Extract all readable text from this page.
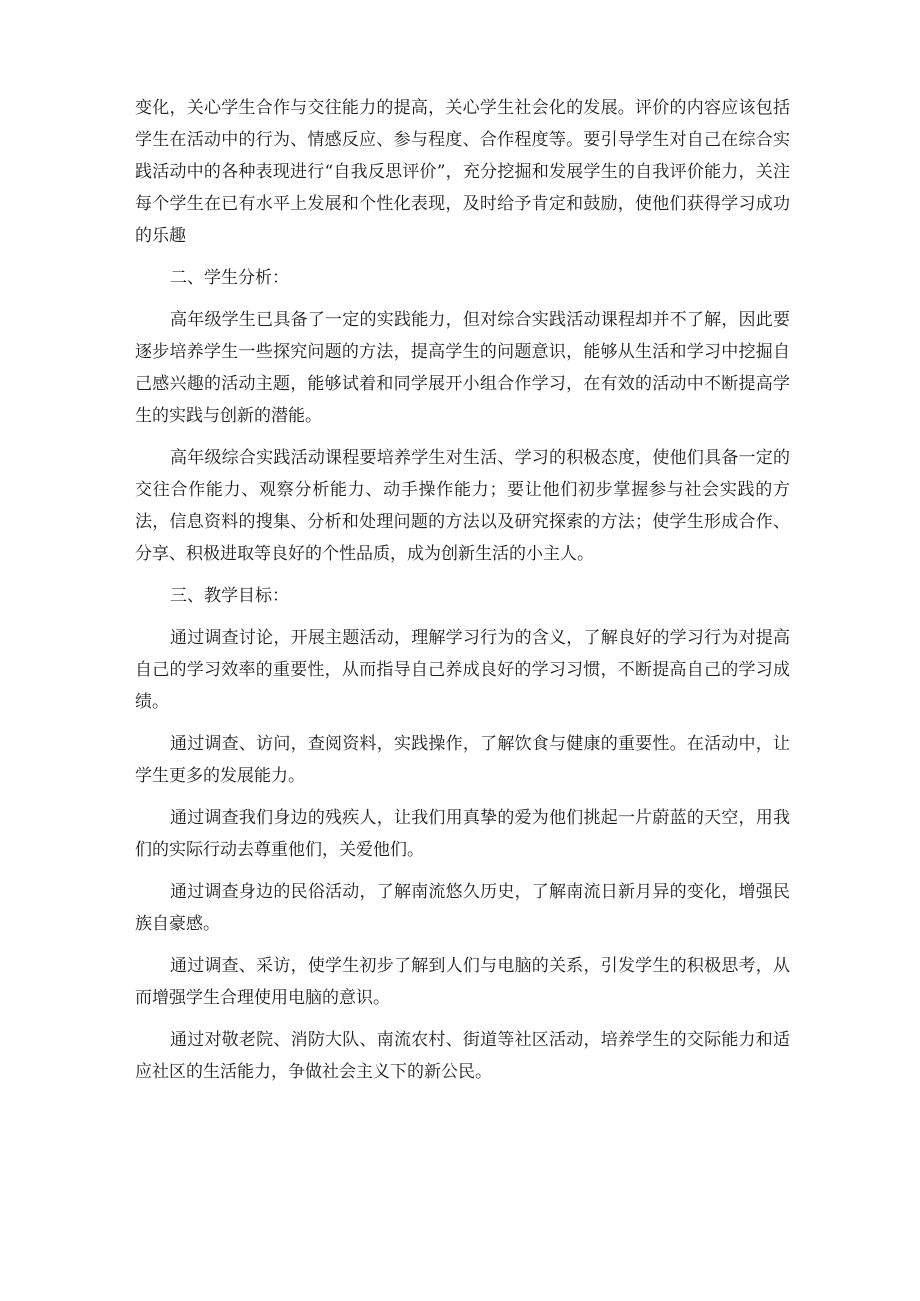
变化，关心学生合作与交往能力的提高，关心学生社会化的发展。评价的内容应该包括学生在活动中的行为、情感反应、参与程度、合作程度等。要引导学生对自己在综合实践活动中的各种表现进行“自我反思评价”，充分挖掘和发展学生的自我评价能力，关注每个学生在已有水平上发展和个性化表现，及时给予肯定和鼓励，使他们获得学习成功的乐趣

二、学生分析：

高年级学生已具备了一定的实践能力，但对综合实践活动课程却并不了解，因此要逐步培养学生一些探究问题的方法，提高学生的问题意识，能够从生活和学习中挖掘自己感兴趣的活动主题，能够试着和同学展开小组合作学习，在有效的活动中不断提高学生的实践与创新的潜能。

高年级综合实践活动课程要培养学生对生活、学习的积极态度，使他们具备一定的交往合作能力、观察分析能力、动手操作能力；要让他们初步掌握参与社会实践的方法，信息资料的搜集、分析和处理问题的方法以及研究探索的方法；使学生形成合作、分享、积极进取等良好的个性品质，成为创新生活的小主人。

三、教学目标：

通过调查讨论，开展主题活动，理解学习行为的含义，了解良好的学习行为对提高自己的学习效率的重要性，从而指导自己养成良好的学习习惯，不断提高自己的学习成绩。

通过调查、访问，查阅资料，实践操作，了解饮食与健康的重要性。在活动中，让学生更多的发展能力。

通过调查我们身边的残疾人，让我们用真挚的爱为他们挑起一片蔚蓝的天空，用我们的实际行动去尊重他们，关爱他们。

通过调查身边的民俗活动，了解南流悠久历史，了解南流日新月异的变化，增强民族自豪感。

通过调查、采访，使学生初步了解到人们与电脑的关系，引发学生的积极思考，从而增强学生合理使用电脑的意识。

通过对敬老院、消防大队、南流农村、街道等社区活动，培养学生的交际能力和适应社区的生活能力，争做社会主义下的新公民。
